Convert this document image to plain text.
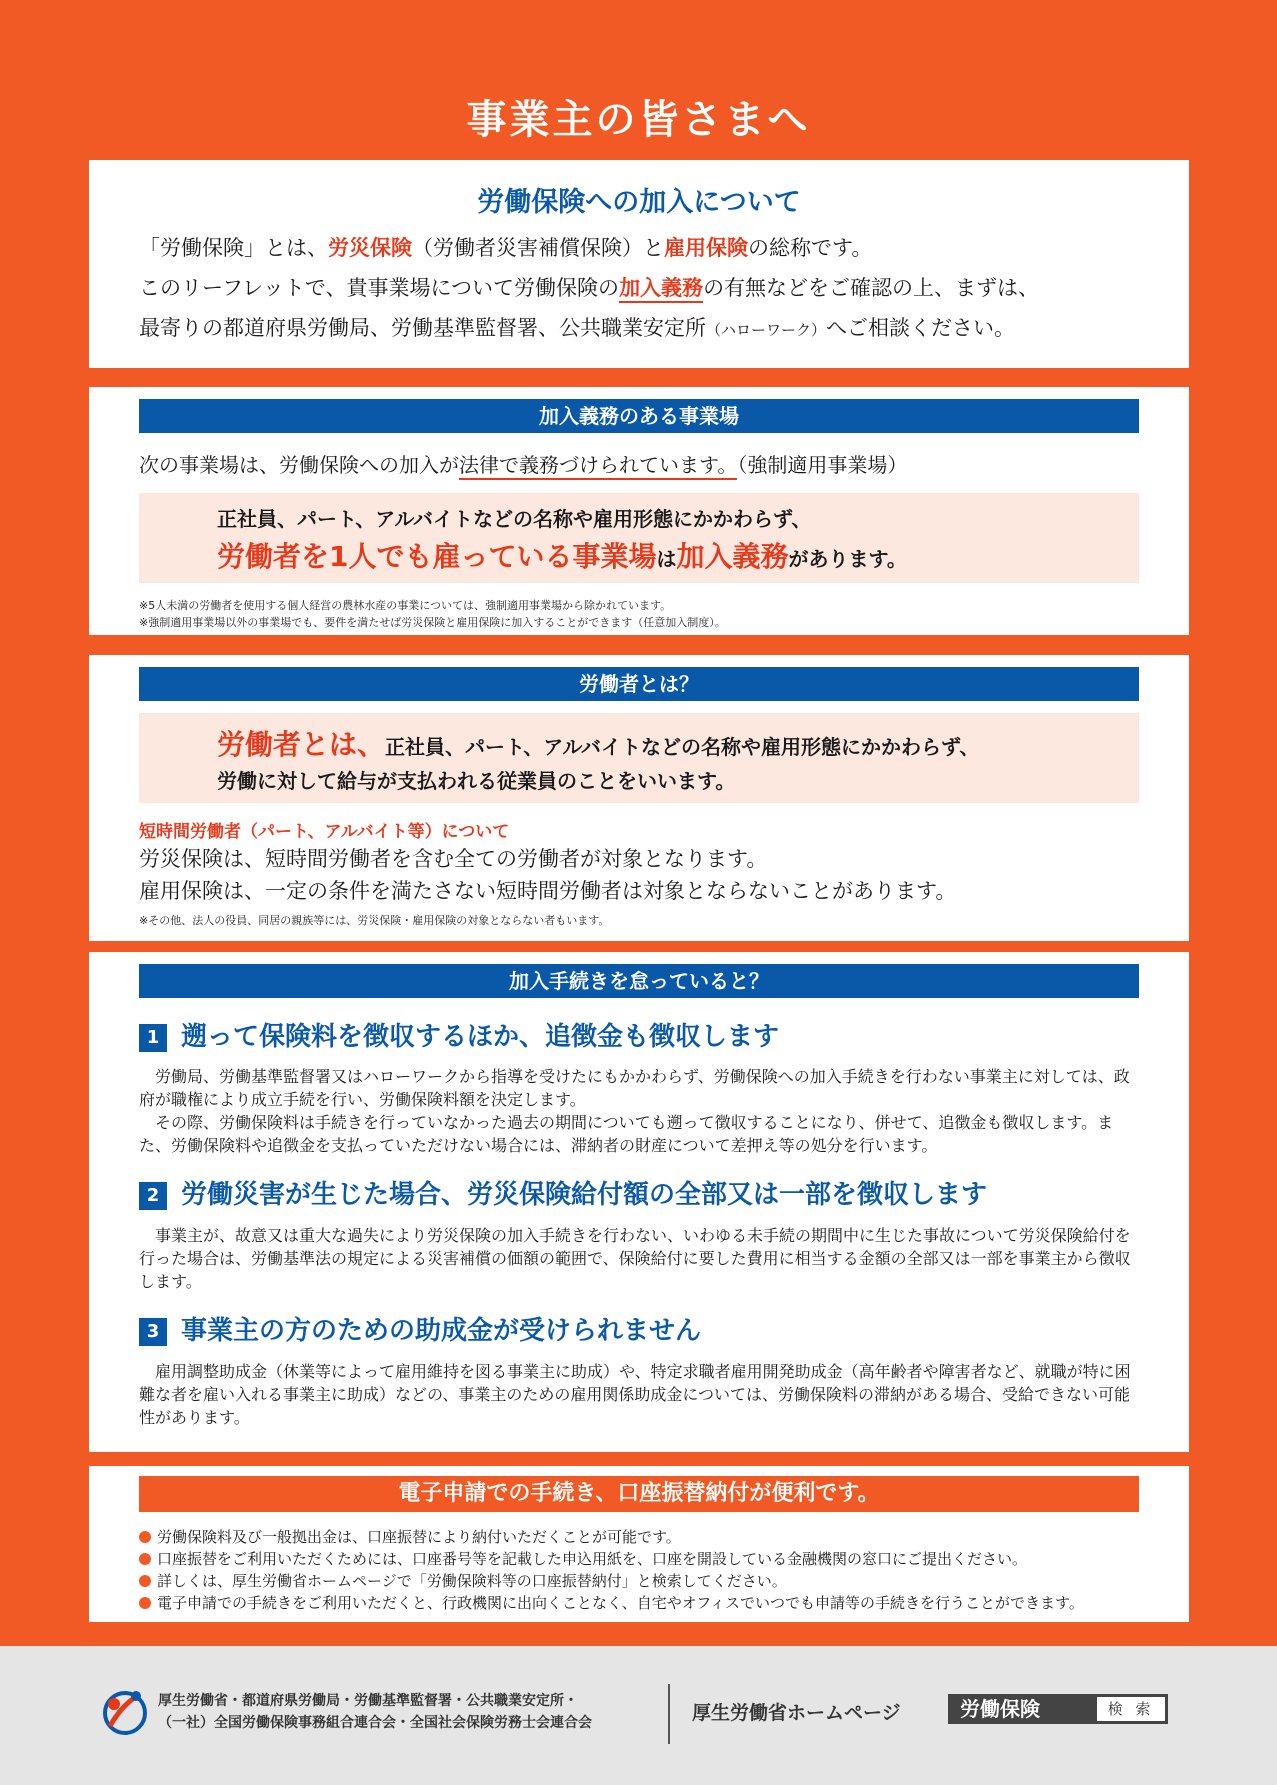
事業主の皆さまへ
労働保険への加入について
「労働保険」とは、労災保険（労働者災害補償保険）と雇用保険の総称です。
このリーフレットで、貴事業場について労働保険の加入義務の有無などをご確認の上、まずは、
最寄りの都道府県労働局、労働基準監督署、公共職業安定所（ハローワーク）へご相談ください。
加入義務のある事業場
次の事業場は、労働保険への加入が法律で義務づけられています。（強制適用事業場）
正社員、パート、アルバイトなどの名称や雇用形態にかかわらず、
労働者を1人でも雇っている事業場は加入義務があります。
※5人未満の労働者を使用する個人経営の農林水産の事業については、強制適用事業場から除かれています。
※強制適用事業場以外の事業場でも、要件を満たせば労災保険と雇用保険に加入することができます（任意加入制度）。
労働者とは？
労働者とは、正社員、パート、アルバイトなどの名称や雇用形態にかかわらず、
労働に対して給与が支払われる従業員のことをいいます。
短時間労働者（パート、アルバイト等）について
労災保険は、短時間労働者を含む全ての労働者が対象となります。
雇用保険は、一定の条件を満たさない短時間労働者は対象とならないことがあります。
※その他、法人の役員、同居の親族等には、労災保険・雇用保険の対象とならない者もいます。
加入手続きを怠っていると？
1 遡って保険料を徴収するほか、追徴金も徴収します
労働局、労働基準監督署又はハローワークから指導を受けたにもかかわらず、労働保険への加入手続きを行わない事業主に対しては、政府が職権により成立手続を行い、労働保険料額を決定します。
その際、労働保険料は手続きを行っていなかった過去の期間についても遡って徴収することになり、併せて、追徴金も徴収します。また、労働保険料や追徴金を支払っていただけない場合には、滞納者の財産について差押え等の処分を行います。
2 労働災害が生じた場合、労災保険給付額の全部又は一部を徴収します
事業主が、故意又は重大な過失により労災保険の加入手続きを行わない、いわゆる未手続の期間中に生じた事故について労災保険給付を行った場合は、労働基準法の規定による災害補償の価額の範囲で、保険給付に要した費用に相当する金額の全部又は一部を事業主から徴収します。
3 事業主の方のための助成金が受けられません
雇用調整助成金（休業等によって雇用維持を図る事業主に助成）や、特定求職者雇用開発助成金（高年齢者や障害者など、就職が特に困難な者を雇い入れる事業主に助成）などの、事業主のための雇用関係助成金については、労働保険料の滞納がある場合、受給できない可能性があります。
電子申請での手続き、口座振替納付が便利です。
労働保険料及び一般拠出金は、口座振替により納付いただくことが可能です。
口座振替をご利用いただくためには、口座番号等を記載した申込用紙を、口座を開設している金融機関の窓口にご提出ください。
詳しくは、厚生労働省ホームページで「労働保険料等の口座振替納付」と検索してください。
電子申請での手続きをご利用いただくと、行政機関に出向くことなく、自宅やオフィスでいつでも申請等の手続きを行うことができます。
厚生労働省・都道府県労働局・労働基準監督署・公共職業安定所・
（一社）全国労働保険事務組合連合会・全国社会保険労務士会連合会	厚生労働省ホームページ	労働保険	検 索
